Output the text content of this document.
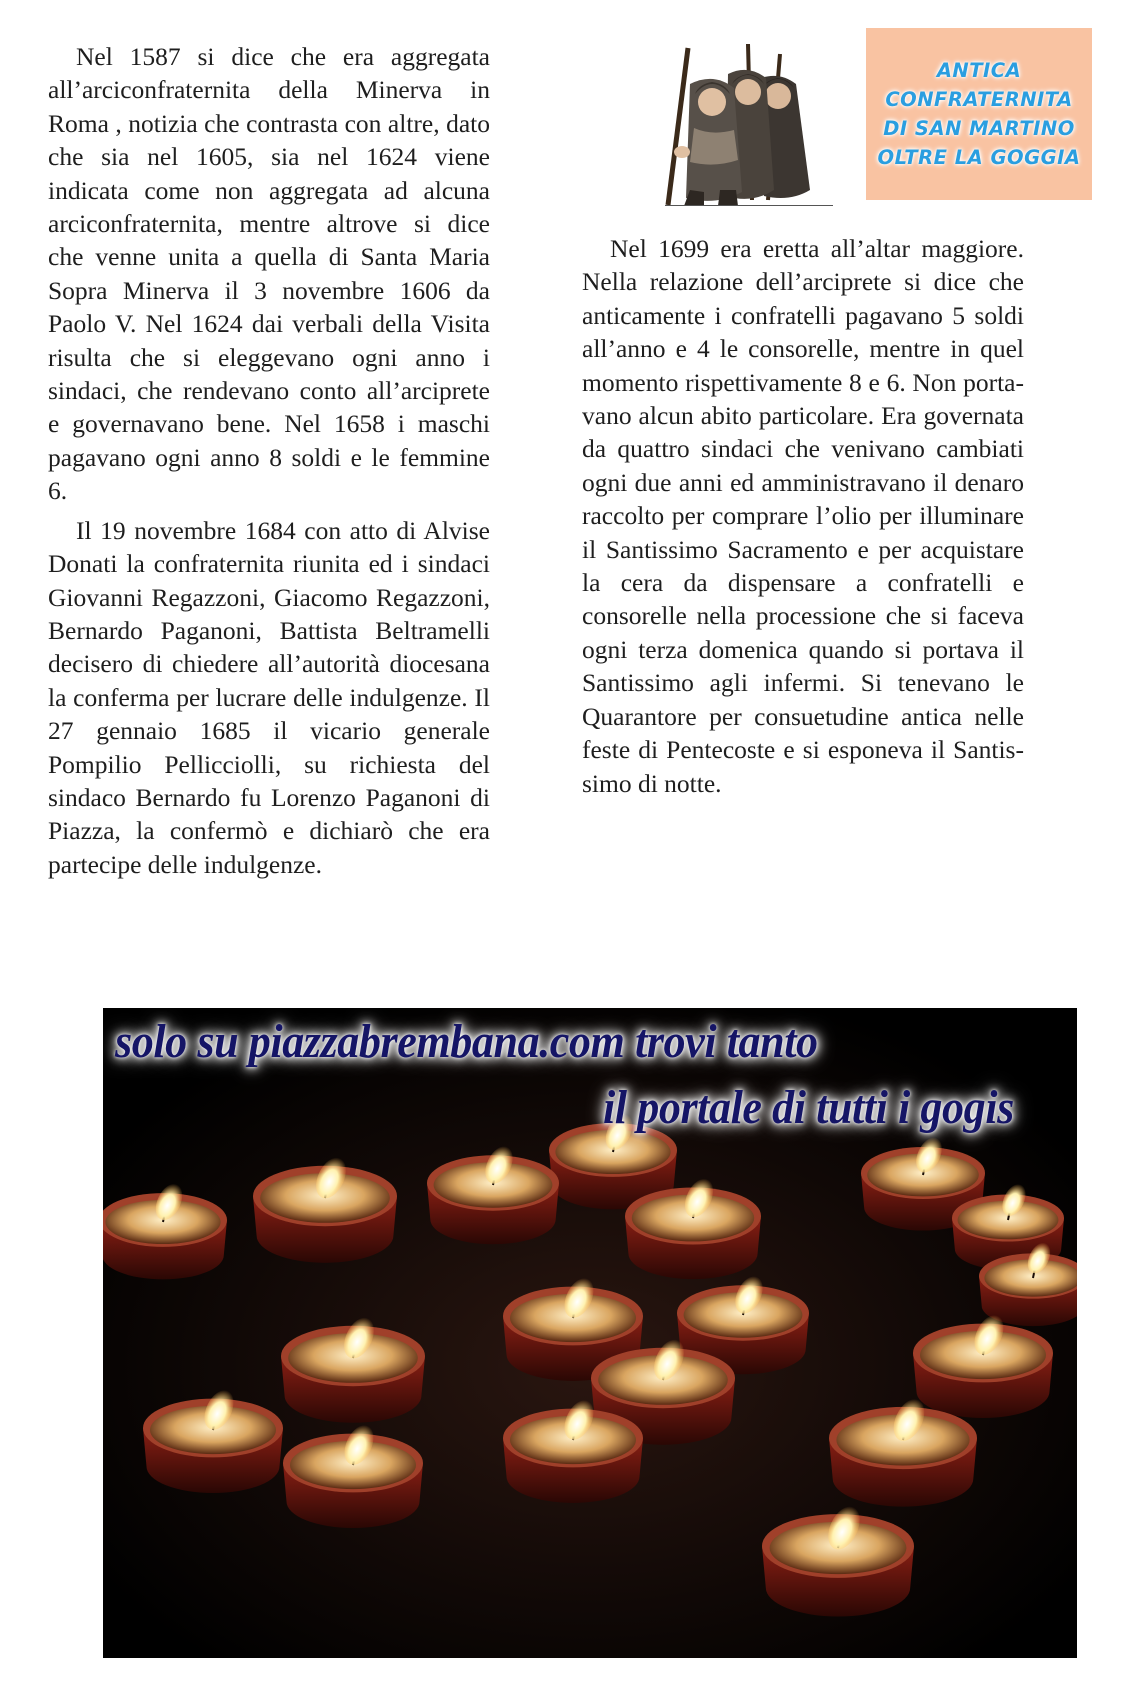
Nel 1587 si dice che era aggregata all’arciconfraternita della Minerva in Roma , notizia che contrasta con altre, dato che sia nel 1605, sia nel 1624 viene indicata come non aggregata ad alcuna arciconfraternita, mentre altrove si dice che venne unita a quella di Santa Maria Sopra Minerva il 3 novembre 1606 da Paolo V. Nel 1624 dai verbali della Visita risulta che si eleggevano ogni anno i sindaci, che rendevano conto all’arciprete e governavano bene. Nel 1658 i maschi pagavano ogni anno 8 soldi e le femmine 6.

Il 19 novembre 1684 con atto di Alvise Donati la confraternita riunita ed i sindaci Giovanni Regazzoni, Giacomo Regazzoni, Bernardo Paganoni, Battista Beltramelli decisero di chiedere all’autorità diocesana la conferma per lucrare delle indulgenze. Il 27 gennaio 1685 il vicario generale Pompilio Pellicciolli, su richiesta del sindaco Bernardo fu Lorenzo Paganoni di Piazza, la confermò e dichiarò che era partecipe delle indulgenze.

ANTICA
CONFRATERNITA
DI SAN MARTINO
OLTRE LA GOGGIA

Nel 1699 era eretta all’altar maggiore. Nella relazione dell’arciprete si dice che anticamente i confratelli pagavano 5 soldi all’anno e 4 le consorelle, mentre in quel momento rispettivamente 8 e 6. Non portavano alcun abito particolare. Era governata da quattro sindaci che venivano cambiati ogni due anni ed amministravano il denaro raccolto per comprare l’olio per illuminare il Santissimo Sacramento e per acquistare la cera da dispensare a confratelli e consorelle nella processione che si faceva ogni terza domenica quando si portava il Santissimo agli infermi. Si tenevano le Quarantore per consuetudine antica nelle feste di Pentecoste e si esponeva il Santissimo di notte.

solo su piazzabrembana.com trovi tanto
il portale di tutti i gogis
